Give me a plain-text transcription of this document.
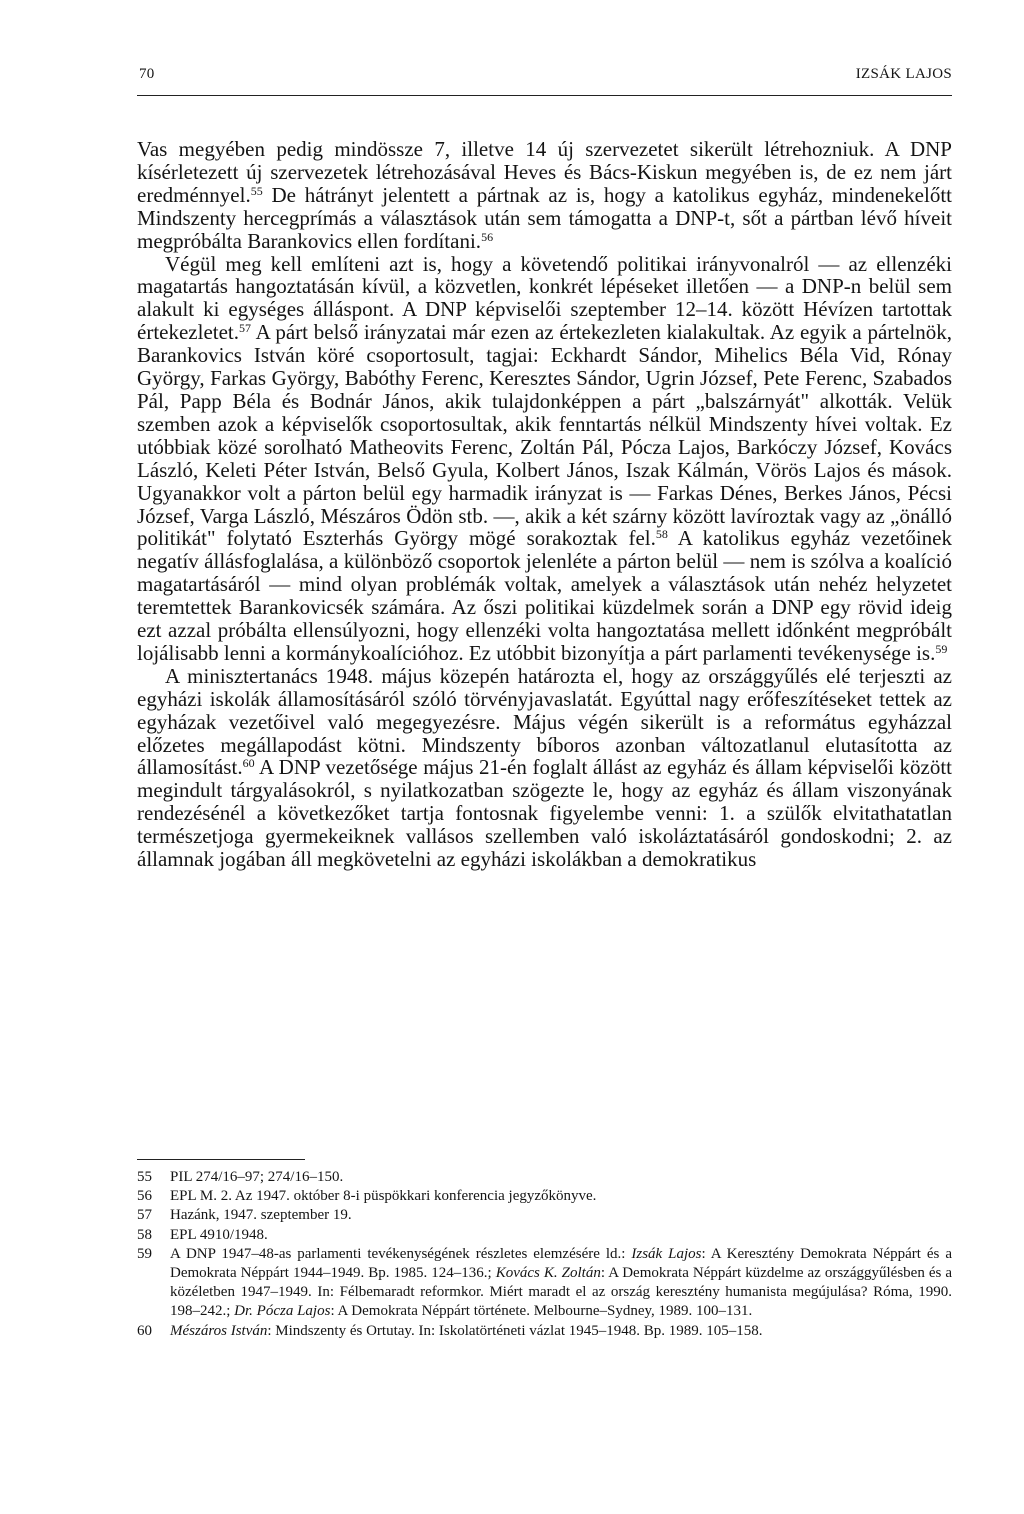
70	IZSÁK LAJOS

Vas megyében pedig mindössze 7, illetve 14 új szervezetet sikerült létrehozniuk. A DNP kísérletezett új szervezetek létrehozásával Heves és Bács-Kiskun megyében is, de ez nem járt eredménnyel.$^{55}$ De hátrányt jelentett a pártnak az is, hogy a katolikus egyház, mindenekelőtt Mindszenty hercegprímás a választások után sem támogatta a DNP-t, sőt a pártban lévő híveit megpróbálta Barankovics ellen fordítani.$^{56}$

Végül meg kell említeni azt is, hogy a követendő politikai irányvonalról — az ellenzéki magatartás hangoztatásán kívül, a közvetlen, konkrét lépéseket illetően — a DNP-n belül sem alakult ki egységes álláspont. A DNP képviselői szeptember 12–14. között Hévízen tartottak értekezletet.$^{57}$ A párt belső irányzatai már ezen az értekezleten kialakultak. Az egyik a pártelnök, Barankovics István köré csoportosult, tagjai: Eckhardt Sándor, Mihelics Béla Vid, Rónay György, Farkas György, Babóthy Ferenc, Keresztes Sándor, Ugrin József, Pete Ferenc, Szabados Pál, Papp Béla és Bodnár János, akik tulajdonképpen a párt „balszárnyát" alkották. Velük szemben azok a képviselők csoportosultak, akik fenntartás nélkül Mindszenty hívei voltak. Ez utóbbiak közé sorolható Matheovits Ferenc, Zoltán Pál, Pócza Lajos, Barkóczy József, Kovács László, Keleti Péter István, Belső Gyula, Kolbert János, Iszak Kálmán, Vörös Lajos és mások. Ugyanakkor volt a párton belül egy harmadik irányzat is — Farkas Dénes, Berkes János, Pécsi József, Varga László, Mészáros Ödön stb. —, akik a két szárny között lavíroztak vagy az „önálló politikát" folytató Eszterhás György mögé sorakoztak fel.$^{58}$ A katolikus egyház vezetőinek negatív állásfoglalása, a különböző csoportok jelenléte a párton belül — nem is szólva a koalíció magatartásáról — mind olyan problémák voltak, amelyek a választások után nehéz helyzetet teremtettek Barankovicsék számára. Az őszi politikai küzdelmek során a DNP egy rövid ideig ezt azzal próbálta ellensúlyozni, hogy ellenzéki volta hangoztatása mellett időnként megpróbált lojálisabb lenni a kormánykoalícióhoz. Ez utóbbit bizonyítja a párt parlamenti tevékenysége is.$^{59}$

A minisztertanács 1948. május közepén határozta el, hogy az országgyűlés elé terjeszti az egyházi iskolák államosításáról szóló törvényjavaslatát. Egyúttal nagy erőfeszítéseket tettek az egyházak vezetőivel való megegyezésre. Május végén sikerült is a református egyházzal előzetes megállapodást kötni. Mindszenty bíboros azonban változatlanul elutasította az államosítást.$^{60}$ A DNP vezetősége május 21-én foglalt állást az egyház és állam képviselői között megindult tárgyalásokról, s nyilatkozatban szögezte le, hogy az egyház és állam viszonyának rendezésénél a következőket tartja fontosnak figyelembe venni: 1. a szülők elvitathatatlan természetjoga gyermekeiknek vallásos szellemben való iskoláztatásáról gondoskodni; 2. az államnak jogában áll megkövetelni az egyházi iskolákban a demokratikus

55 PIL 274/16–97; 274/16–150.
56 EPL M. 2. Az 1947. október 8-i püspökkari konferencia jegyzőkönyve.
57 Hazánk, 1947. szeptember 19.
58 EPL 4910/1948.
59 A DNP 1947–48-as parlamenti tevékenységének részletes elemzésére ld.: Izsák Lajos: A Keresztény Demokrata Néppárt és a Demokrata Néppárt 1944–1949. Bp. 1985. 124–136.; Kovács K. Zoltán: A Demokrata Néppárt küzdelme az országgyűlésben és a közéletben 1947–1949. In: Félbemaradt reformkor. Miért maradt el az ország keresztény humanista megújulása? Róma, 1990. 198–242.; Dr. Pócza Lajos: A Demokrata Néppárt története. Melbourne–Sydney, 1989. 100–131.
60 Mészáros István: Mindszenty és Ortutay. In: Iskolatörténeti vázlat 1945–1948. Bp. 1989. 105–158.
